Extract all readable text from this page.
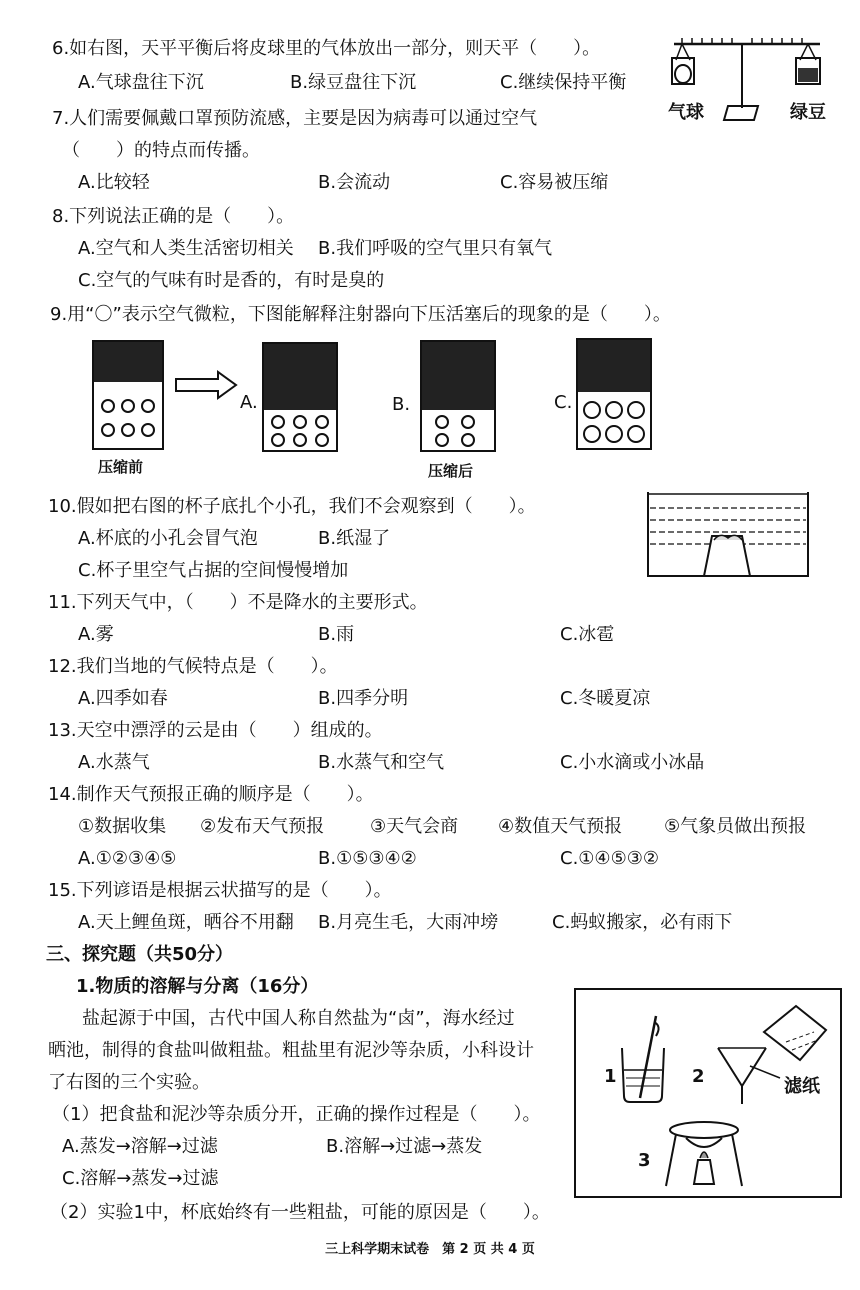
6.如右图，天平平衡后将皮球里的气体放出一部分，则天平（　　）。
A.气球盘往下沉	B.绿豆盘往下沉	C.继续保持平衡
气球	绿豆
7.人们需要佩戴口罩预防流感，主要是因为病毒可以通过空气
（　　）的特点而传播。
A.比较轻	B.会流动	C.容易被压缩
8.下列说法正确的是（　　）。
A.空气和人类生活密切相关 B.我们呼吸的空气里只有氧气
C.空气的气味有时是香的，有时是臭的
9.用“〇”表示空气微粒，下图能解释注射器向下压活塞后的现象的是（　　）。
压缩前
A.	B.
压缩后
C.
10.假如把右图的杯子底扎个小孔，我们不会观察到（　　）。
A.杯底的小孔会冒气泡	B.纸湿了
C.杯子里空气占据的空间慢慢增加
11.下列天气中，（　　）不是降水的主要形式。
A.雾	B.雨	C.冰雹
12.我们当地的气候特点是（　　）。
A.四季如春	B.四季分明	C.冬暖夏凉
13.天空中漂浮的云是由（　　）组成的。
A.水蒸气	B.水蒸气和空气	C.小水滴或小冰晶
14.制作天气预报正确的顺序是（　　）。
①数据收集 ②发布天气预报	③天气会商 ④数值天气预报 ⑤气象员做出预报
A.①②③④⑤	B.①⑤③④②	C.①④⑤③②
15.下列谚语是根据云状描写的是（　　）。
A.天上鲤鱼斑，晒谷不用翻 B.月亮生毛，大雨冲塝	C.蚂蚁搬家，必有雨下
三、探究题（共50分）
1.物质的溶解与分离（16分）
盐起源于中国，古代中国人称自然盐为“卤”，海水经过
晒池，制得的食盐叫做粗盐。粗盐里有泥沙等杂质，小科设计
了右图的三个实验。
（1）把食盐和泥沙等杂质分开，正确的操作过程是（　　）。
A.蒸发→溶解→过滤	B.溶解→过滤→蒸发
C.溶解→蒸发→过滤
（2）实验1中，杯底始终有一些粗盐，可能的原因是（　　）。
1	2
3
滤纸
三上科学期末试卷　第 2 页 共 4 页
